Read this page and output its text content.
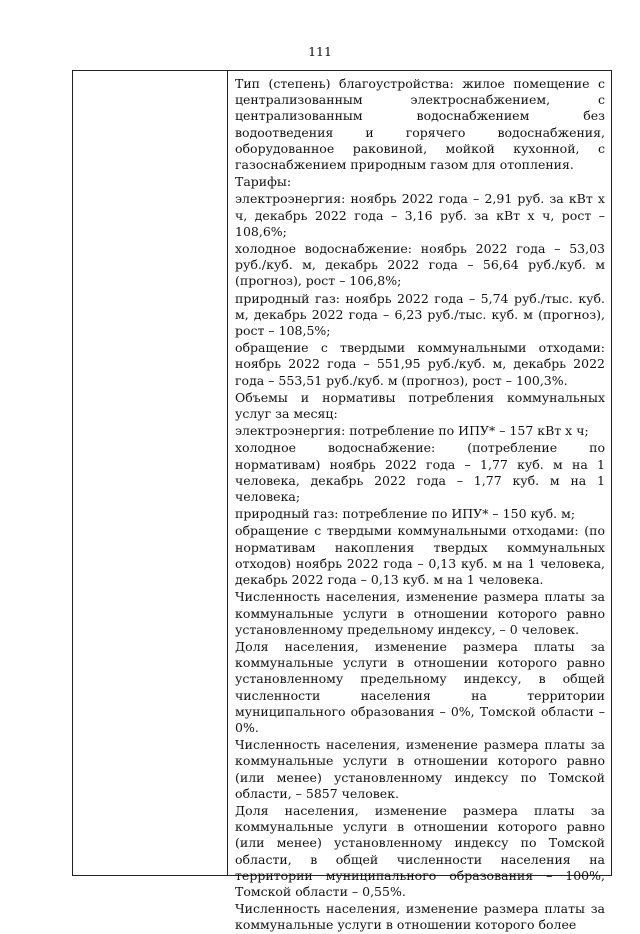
111

Тип (степень) благоустройства: жилое помещение с централизованным электроснабжением, с централизованным водоснабжением без водоотведения и горячего водоснабжения, оборудованное раковиной, мойкой кухонной, с газоснабжением природным газом для отопления.

Тарифы:

электроэнергия: ноябрь 2022 года – 2,91 руб. за кВт х ч, декабрь 2022 года – 3,16 руб. за кВт х ч, рост – 108,6%;

холодное водоснабжение: ноябрь 2022 года – 53,03 руб./куб. м, декабрь 2022 года – 56,64 руб./куб. м (прогноз), рост – 106,8%;

природный газ: ноябрь 2022 года – 5,74 руб./тыс. куб. м, декабрь 2022 года – 6,23 руб./тыс. куб. м (прогноз), рост – 108,5%;

обращение с твердыми коммунальными отходами: ноябрь 2022 года – 551,95 руб./куб. м, декабрь 2022 года – 553,51 руб./куб. м (прогноз), рост – 100,3%.

Объемы и нормативы потребления коммунальных услуг за месяц:

электроэнергия: потребление по ИПУ* – 157 кВт х ч;

холодное водоснабжение: (потребление по нормативам) ноябрь 2022 года – 1,77 куб. м на 1 человека, декабрь 2022 года – 1,77 куб. м на 1 человека;

природный газ: потребление по ИПУ* – 150 куб. м;

обращение с твердыми коммунальными отходами: (по нормативам накопления твердых коммунальных отходов) ноябрь 2022 года – 0,13 куб. м на 1 человека, декабрь 2022 года – 0,13 куб. м на 1 человека.

Численность населения, изменение размера платы за коммунальные услуги в отношении которого равно установленному предельному индексу, – 0 человек.

Доля населения, изменение размера платы за коммунальные услуги в отношении которого равно установленному предельному индексу, в общей численности населения на территории муниципального образования – 0%, Томской области – 0%.

Численность населения, изменение размера платы за коммунальные услуги в отношении которого равно (или менее) установленному индексу по Томской области, – 5857 человек.

Доля населения, изменение размера платы за коммунальные услуги в отношении которого равно (или менее) установленному индексу по Томской области, в общей численности населения на территории муниципального образования – 100%, Томской области – 0,55%.

Численность населения, изменение размера платы за коммунальные услуги в отношении которого более
